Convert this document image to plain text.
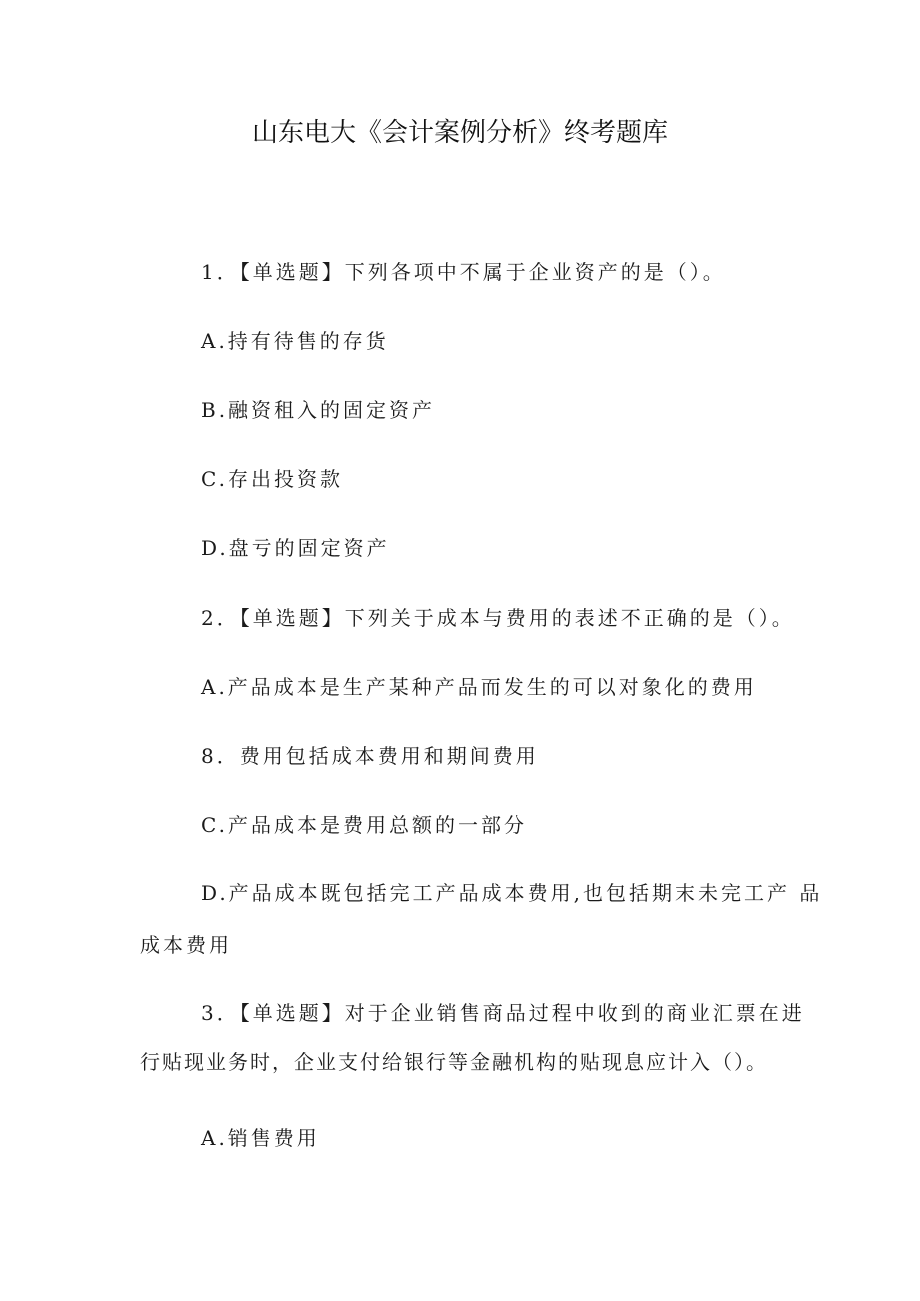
山东电大《会计案例分析》终考题库

1．【单选题】下列各项中不属于企业资产的是（）。

A.持有待售的存货

B.融资租入的固定资产

C.存出投资款

D.盘亏的固定资产

2．【单选题】下列关于成本与费用的表述不正确的是（）。

A.产品成本是生产某种产品而发生的可以对象化的费用

8．费用包括成本费用和期间费用

C.产品成本是费用总额的一部分

D.产品成本既包括完工产品成本费用,也包括期末未完工产 品

成本费用

3．【单选题】对于企业销售商品过程中收到的商业汇票在进

行贴现业务时，企业支付给银行等金融机构的贴现息应计入（）。

A.销售费用
